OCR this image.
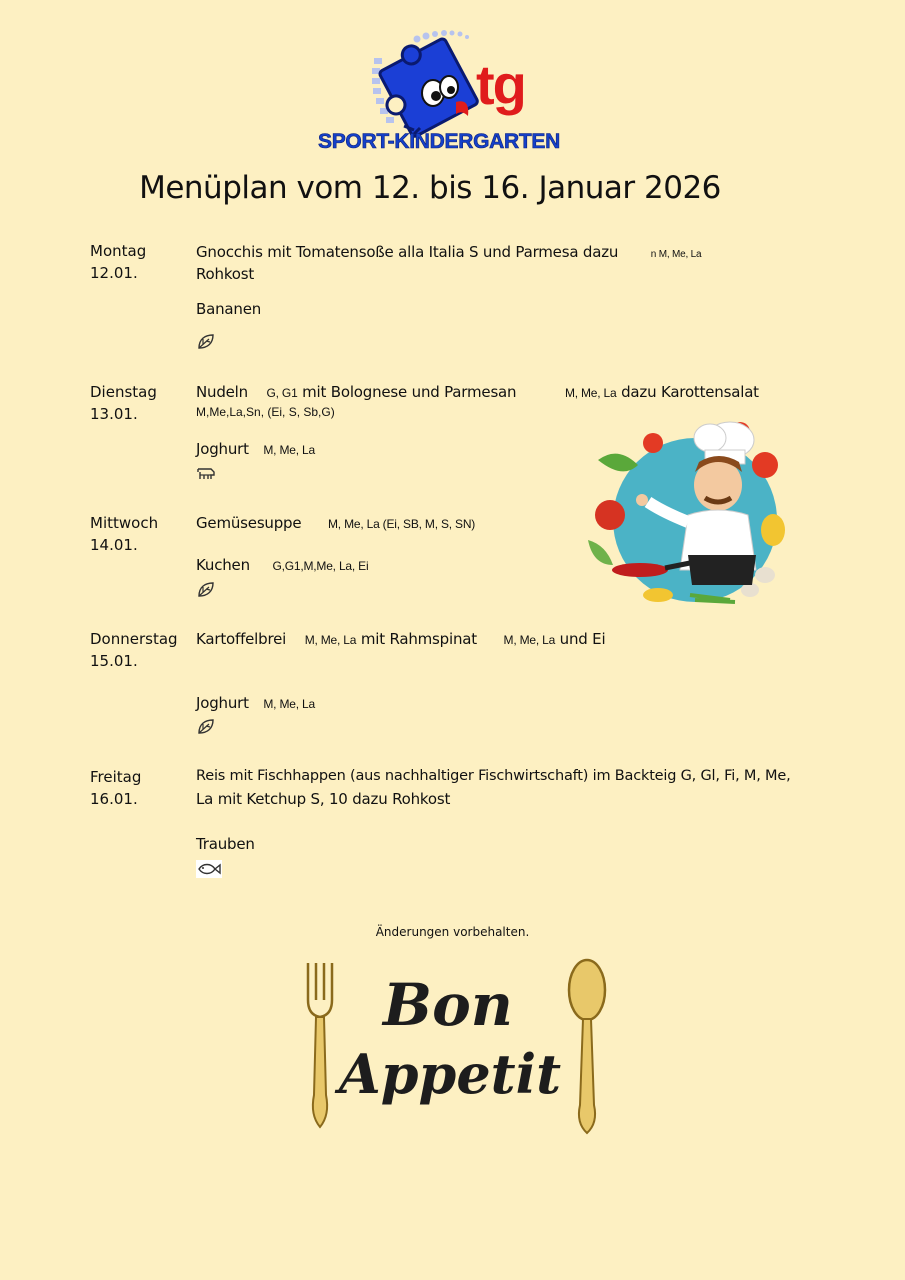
tg
SPORT-KINDERGARTEN
Menüplan vom 12. bis 16. Januar 2026
Montag
12.01.
Gnocchis mit Tomatensoße alla Italia S und Parmesa dazu	n M, Me, La
Rohkost
Bananen
Dienstag
13.01.
Nudeln G, G1 mit Bolognese und Parmesan	M, Me, La dazu Karottensalat
M,Me,La,Sn, (Ei, S, Sb,G)
Joghurt M, Me, La
Mittwoch
14.01.
Gemüsesuppe M, Me, La (Ei, SB, M, S, SN)
Kuchen G,G1,M,Me, La, Ei
Donnerstag
15.01.
Kartoffelbrei M, Me, La mit Rahmspinat M, Me, La und Ei
Joghurt M, Me, La
Freitag
16.01.
Reis mit Fischhappen (aus nachhaltiger Fischwirtschaft) im Backteig G, Gl, Fi, M, Me,
La mit Ketchup S, 10 dazu Rohkost
Trauben
Änderungen vorbehalten.
Bon
Appetit
